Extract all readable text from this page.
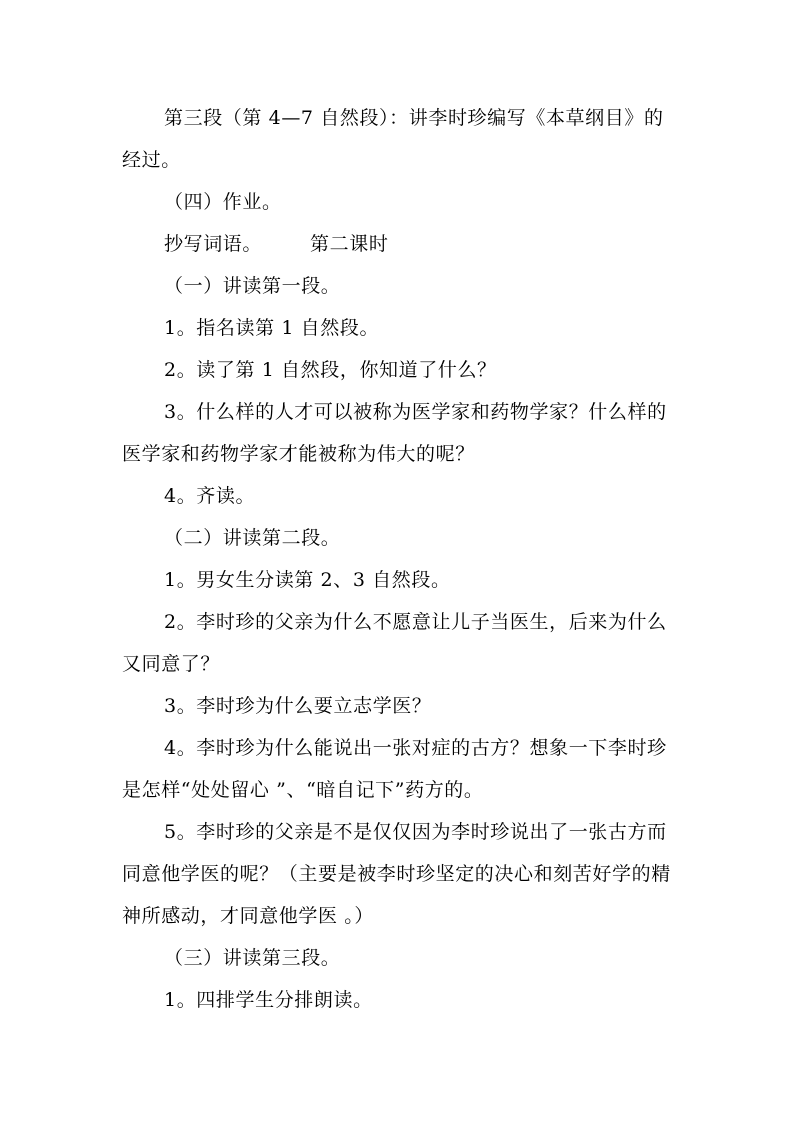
第三段（第 4—7 自然段）：讲李时珍编写《本草纲目》的经过。

（四）作业。

抄写词语。	第二课时

（一）讲读第一段。

1。指名读第 1 自然段。

2。读了第 1 自然段，你知道了什么？

3。什么样的人才可以被称为医学家和药物学家？什么样的医学家和药物学家才能被称为伟大的呢？

4。齐读。

（二）讲读第二段。

1。男女生分读第 2、3 自然段。

2。李时珍的父亲为什么不愿意让儿子当医生，后来为什么又同意了？

3。李时珍为什么要立志学医？

4。李时珍为什么能说出一张对症的古方？想象一下李时珍是怎样“处处留心 ”、“暗自记下”药方的。

5。李时珍的父亲是不是仅仅因为李时珍说出了一张古方而同意他学医的呢？（主要是被李时珍坚定的决心和刻苦好学的精神所感动，才同意他学医 。）

（三）讲读第三段。

1。四排学生分排朗读。
